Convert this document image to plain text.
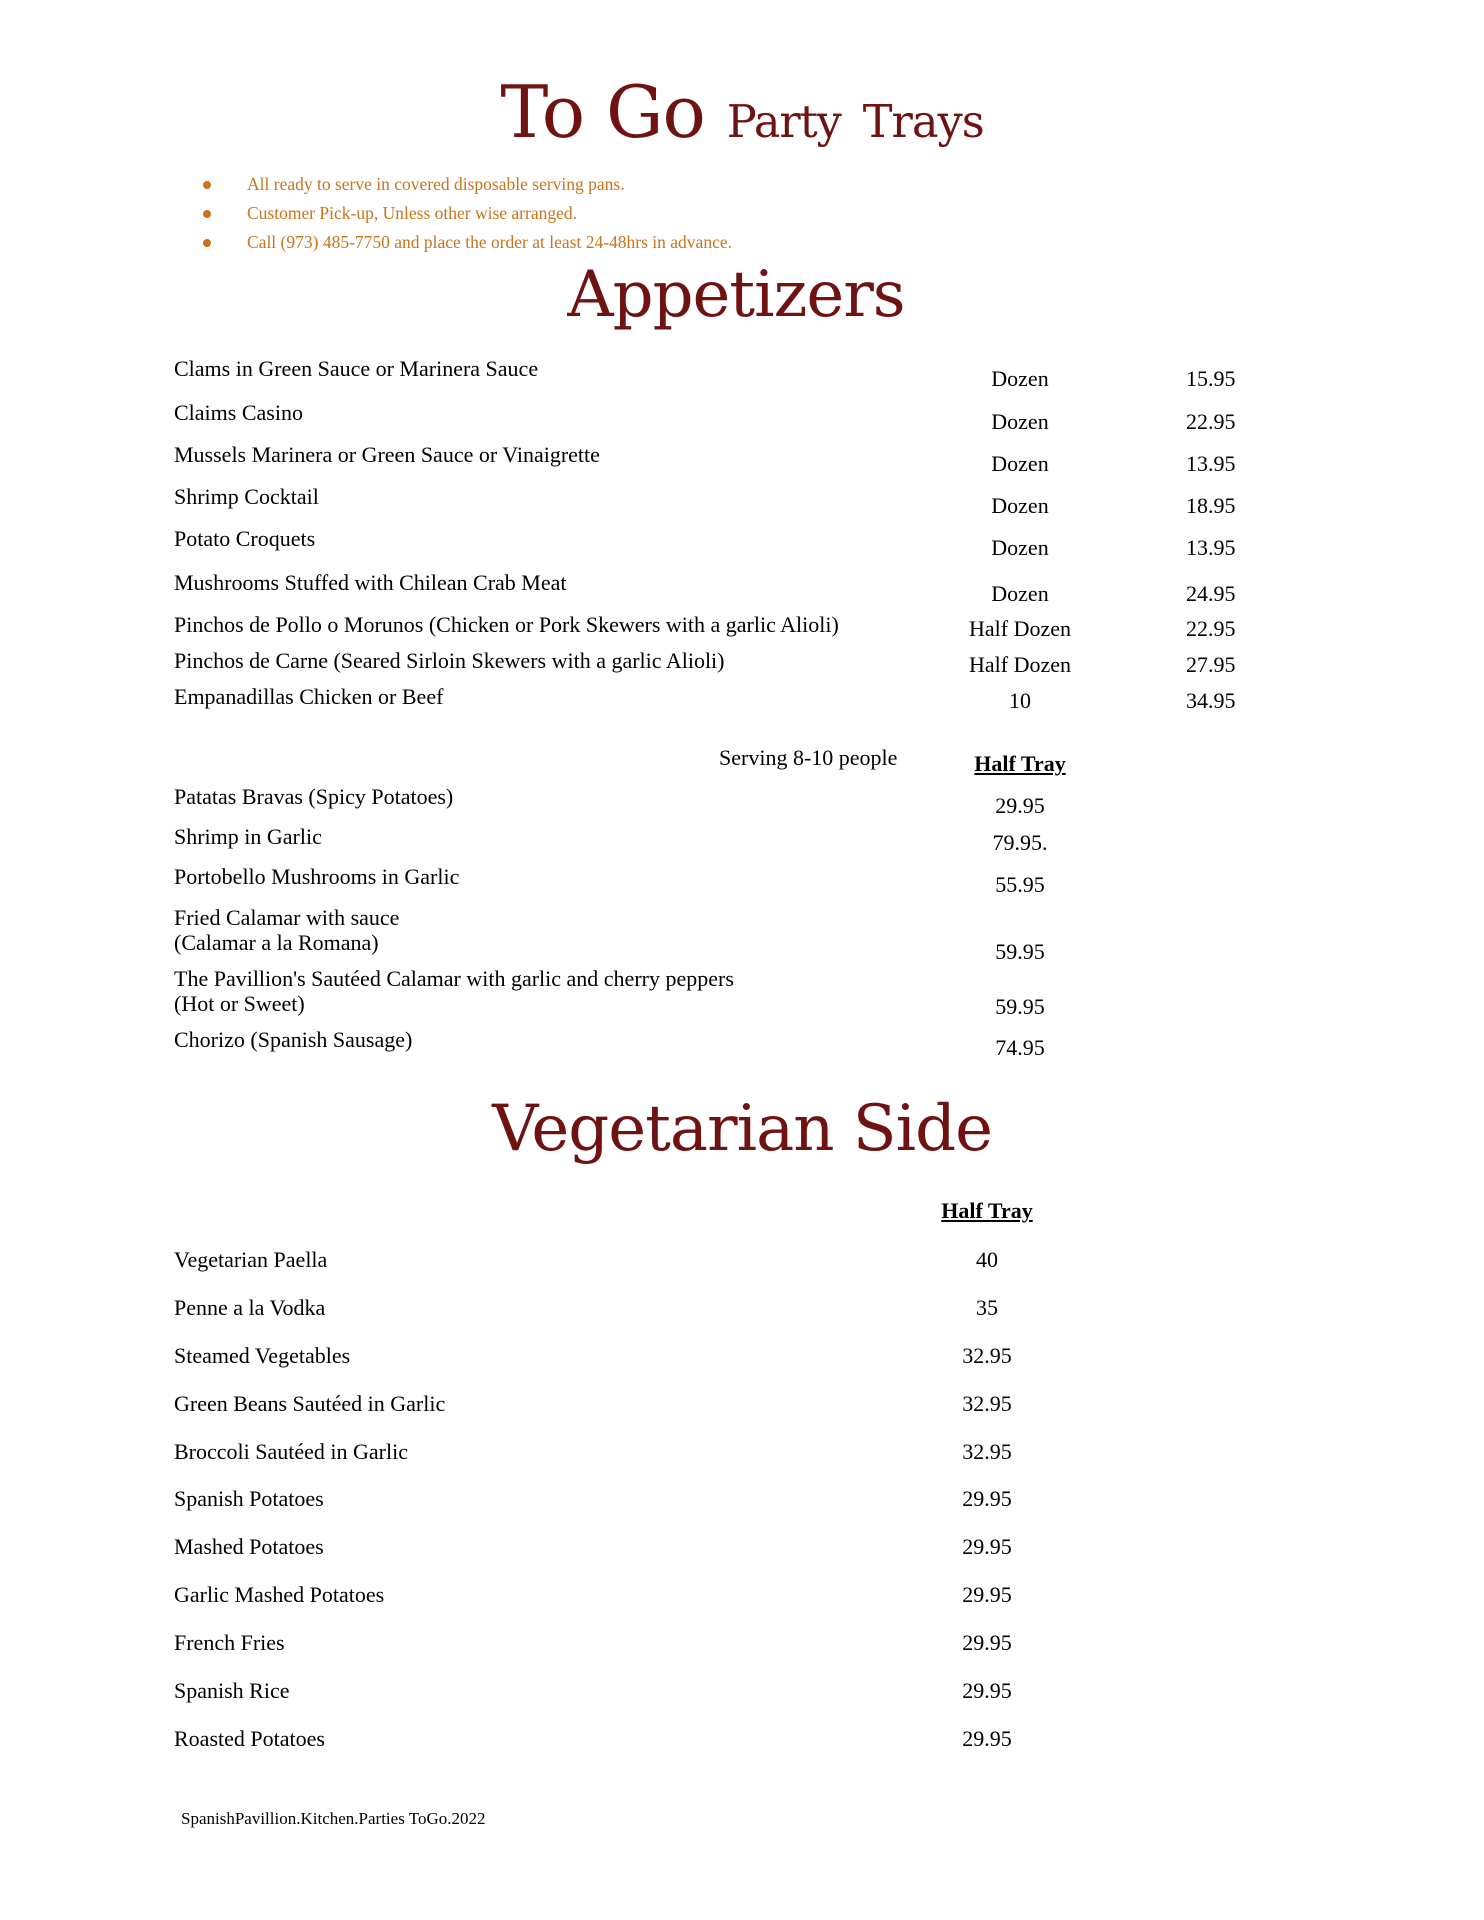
To Go Party Trays
All ready to serve in covered disposable serving pans.
Customer Pick-up, Unless other wise arranged.
Call (973) 485-7750 and place the order at least 24-48hrs in advance.
Appetizers
Clams in Green Sauce or Marinera Sauce	Dozen	15.95
Claims Casino	Dozen	22.95
Mussels Marinera or Green Sauce or Vinaigrette	Dozen	13.95
Shrimp Cocktail	Dozen	18.95
Potato Croquets	Dozen	13.95
Mushrooms Stuffed with Chilean Crab Meat	Dozen	24.95
Pinchos de Pollo o Morunos (Chicken or Pork Skewers with a garlic Alioli)	Half Dozen	22.95
Pinchos de Carne (Seared Sirloin Skewers with a garlic Alioli)	Half Dozen	27.95
Empanadillas Chicken or Beef	10	34.95
Serving 8-10 people	Half Tray
Patatas Bravas (Spicy Potatoes)	29.95
Shrimp in Garlic	79.95.
Portobello Mushrooms in Garlic	55.95
Fried Calamar with sauce
(Calamar a la Romana)	59.95
The Pavillion's Sautéed Calamar with garlic and cherry peppers
(Hot or Sweet)	59.95
Chorizo (Spanish Sausage)	74.95
Vegetarian Side
Half Tray
Vegetarian Paella	40
Penne a la Vodka	35
Steamed Vegetables	32.95
Green Beans Sautéed in Garlic	32.95
Broccoli Sautéed in Garlic	32.95
Spanish Potatoes	29.95
Mashed Potatoes	29.95
Garlic Mashed Potatoes	29.95
French Fries	29.95
Spanish Rice	29.95
Roasted Potatoes	29.95
SpanishPavillion.Kitchen.Parties ToGo.2022
